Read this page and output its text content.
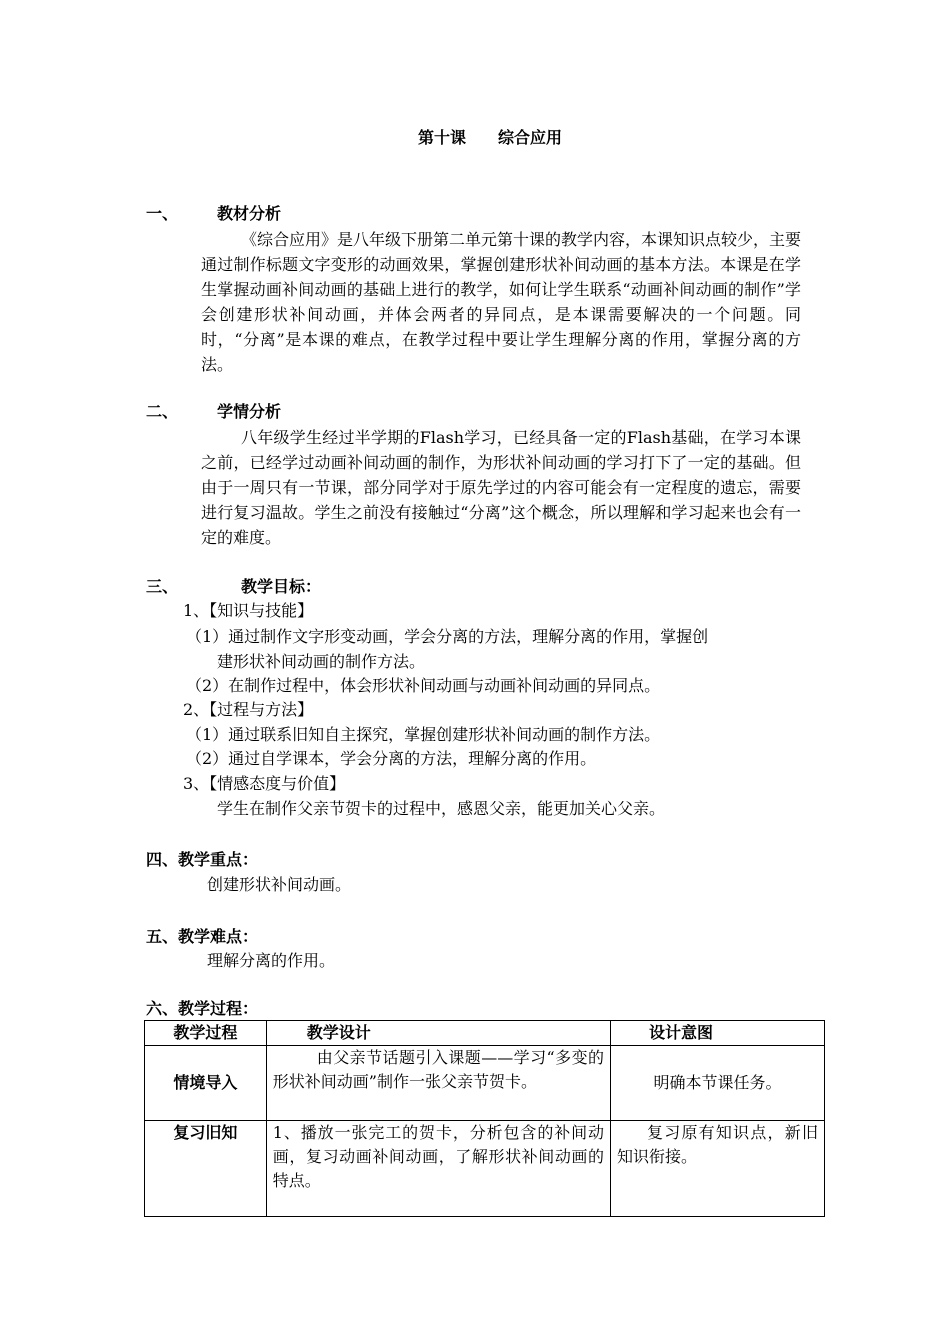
第十课　　综合应用
一、 教材分析
《综合应用》是八年级下册第二单元第十课的教学内容，本课知识点较少，主要通过制作标题文字变形的动画效果，掌握创建形状补间动画的基本方法。本课是在学生掌握动画补间动画的基础上进行的教学，如何让学生联系“动画补间动画的制作”学会创建形状补间动画，并体会两者的异同点，是本课需要解决的一个问题。同时，“分离”是本课的难点，在教学过程中要让学生理解分离的作用，掌握分离的方法。
二、 学情分析
八年级学生经过半学期的Flash学习，已经具备一定的Flash基础，在学习本课之前，已经学过动画补间动画的制作，为形状补间动画的学习打下了一定的基础。但由于一周只有一节课，部分同学对于原先学过的内容可能会有一定程度的遗忘，需要进行复习温故。学生之前没有接触过“分离”这个概念，所以理解和学习起来也会有一定的难度。
三、	教学目标：
1、【知识与技能】
（1）通过制作文字形变动画，学会分离的方法，理解分离的作用，掌握创
建形状补间动画的制作方法。
（2）在制作过程中，体会形状补间动画与动画补间动画的异同点。
2、【过程与方法】
（1）通过联系旧知自主探究，掌握创建形状补间动画的制作方法。
（2）通过自学课本，学会分离的方法，理解分离的作用。
3、【情感态度与价值】
学生在制作父亲节贺卡的过程中，感恩父亲，能更加关心父亲。
四、教学重点：
创建形状补间动画。
五、教学难点：
理解分离的作用。
六、教学过程：
教学过程	教学设计	设计意图
情境导入	由父亲节话题引入课题——学习“多变的形状补间动画”制作一张父亲节贺卡。	明确本节课任务。
复习旧知	1、播放一张完工的贺卡，分析包含的补间动画，复习动画补间动画，了解形状补间动画的特点。	复习原有知识点，新旧知识衔接。
